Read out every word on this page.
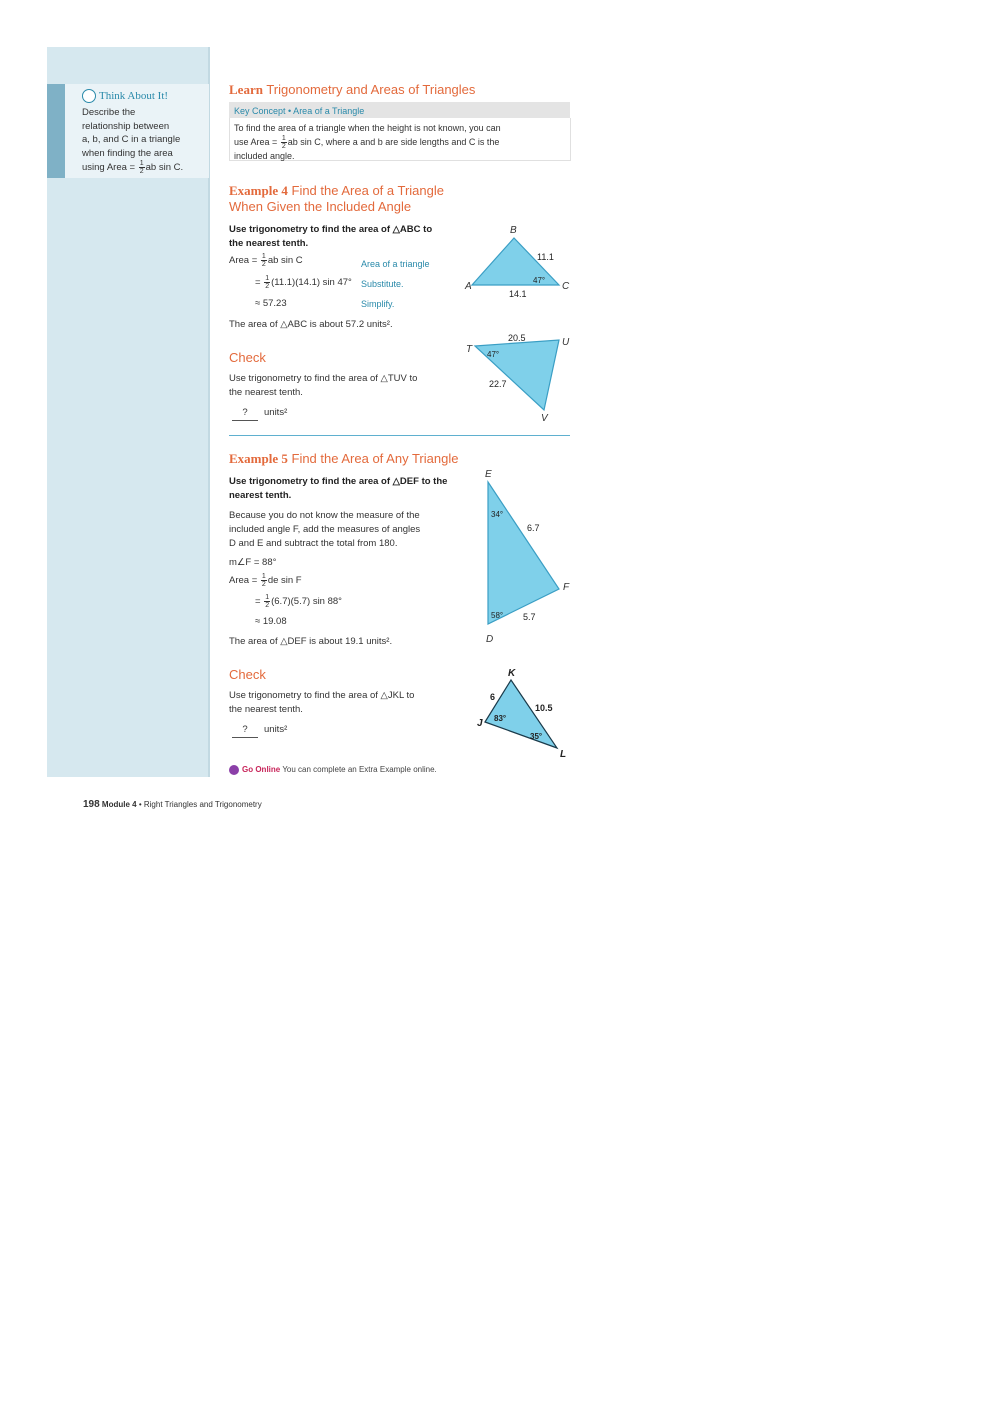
Think About It!
Describe the
relationship between
a, b, and C in a triangle
when finding the area
using Area = $\frac{1}{2}$ ab sin C.
Learn Trigonometry and Areas of Triangles
Key Concept • Area of a Triangle
To find the area of a triangle when the height is not known, you can
use Area = $\frac{1}{2}$ ab sin C, where a and b are side lengths and C is the
included angle.
Example 4 Find the Area of a Triangle
When Given the Included Angle
Use trigonometry to find the area of △ABC to
the nearest tenth.
Area = $\frac{1}{2}$ ab sin C	Area of a triangle
= $\frac{1}{2} (11.1)(14.1)$ sin 47° Substitute.
≈ 57.23	Simplify.
The area of △ABC is about 57.2 units².
Check
Use trigonometry to find the area of △TUV to
the nearest tenth.
? units²
Example 5 Find the Area of Any Triangle
Use trigonometry to find the area of △DEF to the
nearest tenth.
Because you do not know the measure of the
included angle F, add the measures of angles
D and E and subtract the total from 180.
m∠F = 88°
Area = $\frac{1}{2}$ de sin F
= $\frac{1}{2} (6.7)(5.7)$ sin 88°
≈ 19.08
The area of △DEF is about 19.1 units².
Check
Use trigonometry to find the area of △JKL to
the nearest tenth.
? units²
Go Online You can complete an Extra Example online.
198 Module 4 • Right Triangles and Trigonometry
A
B
C
11.1
14.1
47°
T
U
V
20.5
22.7
47°
E
F
D
6.7
5.7
34°
58°
J
K
L
6
10.5
83°
35°
